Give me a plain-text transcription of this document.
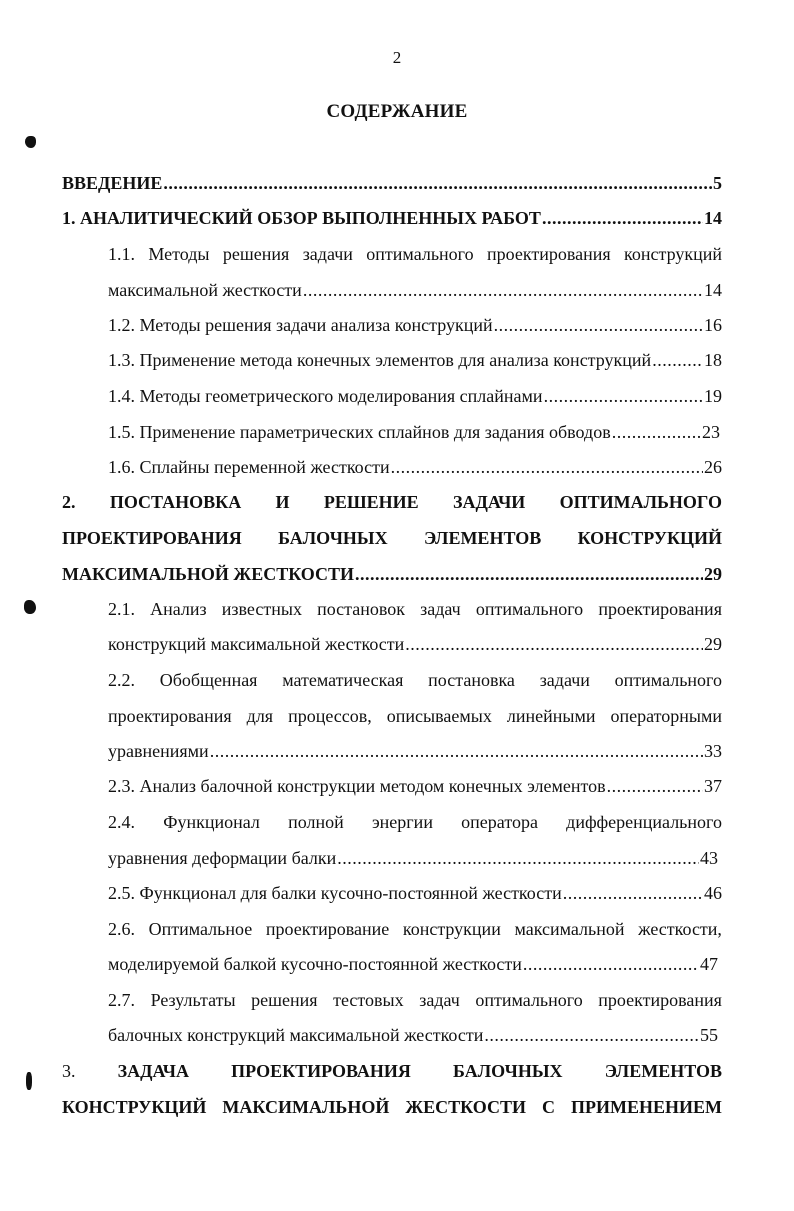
2
СОДЕРЖАНИЕ
ВВЕДЕНИЕ .....	5
1. АНАЛИТИЧЕСКИЙ ОБЗОР ВЫПОЛНЕННЫХ РАБОТ .....	14
1.1. Методы решения задачи оптимального проектирования конструкций
максимальной жесткости .....	14
1.2. Методы решения задачи анализа конструкций .....	16
1.3. Применение метода конечных элементов для анализа конструкций .....	18
1.4. Методы геометрического моделирования сплайнами .....	19
1.5. Применение параметрических сплайнов для задания обводов .....	23
1.6. Сплайны переменной жесткости .....	26
2. ПОСТАНОВКА И РЕШЕНИЕ ЗАДАЧИ ОПТИМАЛЬНОГО
ПРОЕКТИРОВАНИЯ БАЛОЧНЫХ ЭЛЕМЕНТОВ КОНСТРУКЦИЙ
МАКСИМАЛЬНОЙ ЖЕСТКОСТИ .....	29
2.1. Анализ известных постановок задач оптимального проектирования
конструкций максимальной жесткости .....	29
2.2. Обобщенная математическая постановка задачи оптимального
проектирования для процессов, описываемых линейными операторными
уравнениями .....	33
2.3. Анализ балочной конструкции методом конечных элементов .....	37
2.4. Функционал полной энергии оператора дифференциального
уравнения деформации балки .....	43
2.5. Функционал для балки кусочно-постоянной жесткости .....	46
2.6. Оптимальное проектирование конструкции максимальной жесткости,
моделируемой балкой кусочно-постоянной жесткости .....	47
2.7. Результаты решения тестовых задач оптимального проектирования
балочных конструкций максимальной жесткости .....	55
3. ЗАДАЧА ПРОЕКТИРОВАНИЯ БАЛОЧНЫХ ЭЛЕМЕНТОВ
КОНСТРУКЦИЙ МАКСИМАЛЬНОЙ ЖЕСТКОСТИ С ПРИМЕНЕНИЕМ
